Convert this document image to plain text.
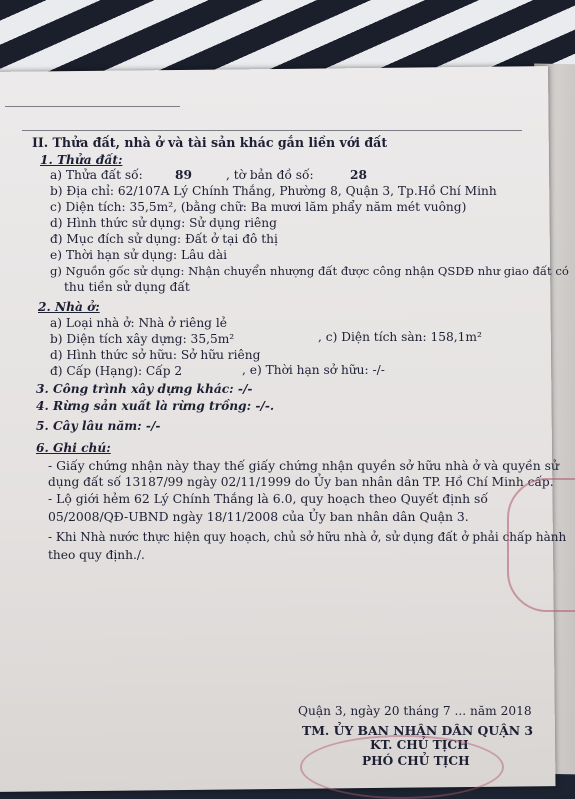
II. Thửa đất, nhà ở và tài sản khác gắn liền với đất
1. Thửa đất:
a) Thửa đất số:	89	, tờ bản đồ số:	28
b) Địa chỉ: 62/107A Lý Chính Thắng, Phường 8, Quận 3, Tp.Hồ Chí Minh
c) Diện tích: 35,5m², (bằng chữ: Ba mươi lăm phẩy năm mét vuông)
d) Hình thức sử dụng: Sử dụng riêng
đ) Mục đích sử dụng: Đất ở tại đô thị
e) Thời hạn sử dụng: Lâu dài
g) Nguồn gốc sử dụng: Nhận chuyển nhượng đất được công nhận QSDĐ như giao đất có
thu tiền sử dụng đất
2. Nhà ở:
a) Loại nhà ở: Nhà ở riêng lẻ
b) Diện tích xây dựng: 35,5m²	, c) Diện tích sàn: 158,1m²
d) Hình thức sở hữu: Sở hữu riêng
đ) Cấp (Hạng): Cấp 2	, e) Thời hạn sở hữu: -/-
3. Công trình xây dựng khác: -/-
4. Rừng sản xuất là rừng trồng: -/-.
5. Cây lâu năm: -/-
6. Ghi chú:
- Giấy chứng nhận này thay thế giấy chứng nhận quyền sở hữu nhà ở và quyền sử
dụng đất số 13187/99 ngày 02/11/1999 do Ủy ban nhân dân TP. Hồ Chí Minh cấp.
- Lộ giới hẻm 62 Lý Chính Thắng là 6.0, quy hoạch theo Quyết định số
05/2008/QĐ-UBND ngày 18/11/2008 của Ủy ban nhân dân Quận 3.
- Khi Nhà nước thực hiện quy hoạch, chủ sở hữu nhà ở, sử dụng đất ở phải chấp hành
theo quy định./.
Quận 3, ngày 20 tháng 7 ... năm 2018
TM. ỦY BAN NHÂN DÂN QUẬN 3
KT. CHỦ TỊCH
PHÓ CHỦ TỊCH
